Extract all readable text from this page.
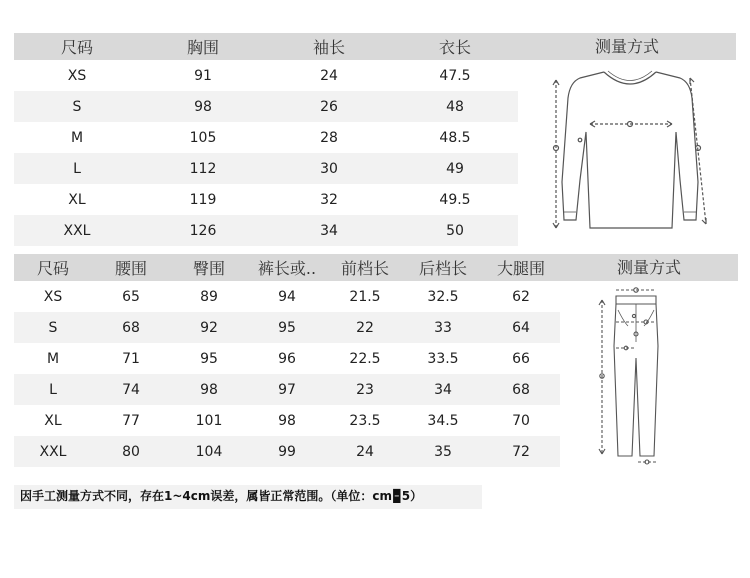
尺码	胸围	袖长	衣长
XS	91	24	47.5
S	98	26	48
M	105	28	48.5
L	112	30	49
XL	119	32	49.5
XXL	126	34	50
测量方式
尺码	腰围	臀围	裤长或..	前档长	后档长	大腿围
XS	65	89	94	21.5	32.5	62
S	68	92	95	22	33	64
M	71	95	96	22.5	33.5	66
L	74	98	97	23	34	68
XL	77	101	98	23.5	34.5	70
XXL	80	104	99	24	35	72
测量方式
因手工测量方式不同，存在1~4cm误差，属皆正常范围。（单位：cm🁢5）
